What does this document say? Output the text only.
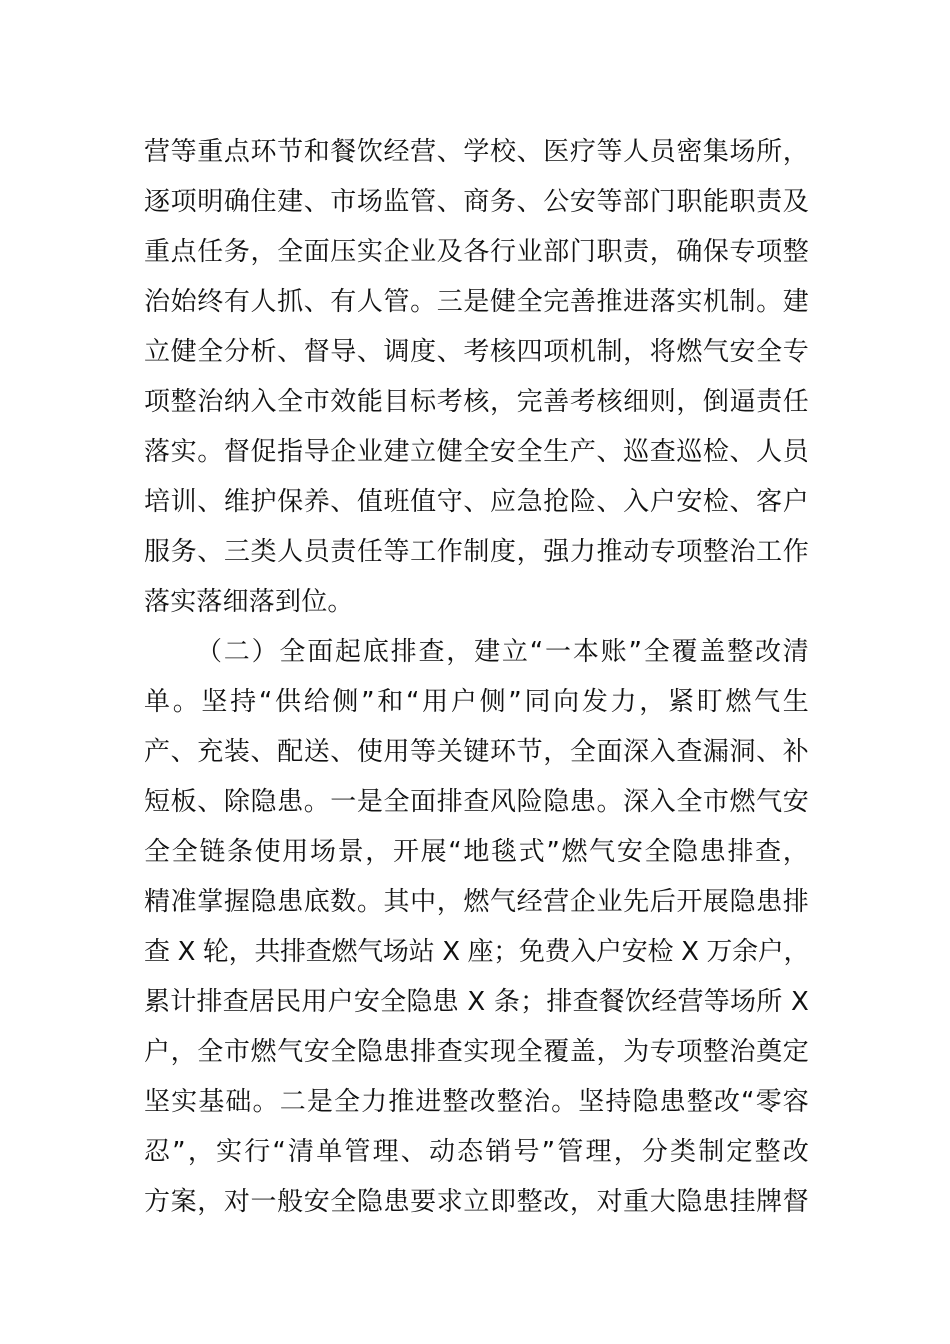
营等重点环节和餐饮经营、学校、医疗等人员密集场所，
逐项明确住建、市场监管、商务、公安等部门职能职责及
重点任务，全面压实企业及各行业部门职责，确保专项整
治始终有人抓、有人管。三是健全完善推进落实机制。建
立健全分析、督导、调度、考核四项机制，将燃气安全专
项整治纳入全市效能目标考核，完善考核细则，倒逼责任
落实。督促指导企业建立健全安全生产、巡查巡检、人员
培训、维护保养、值班值守、应急抢险、入户安检、客户
服务、三类人员责任等工作制度，强力推动专项整治工作
落实落细落到位。
（二）全面起底排查，建立“一本账”全覆盖整改清
单。坚持“供给侧”和“用户侧”同向发力，紧盯燃气生
产、充装、配送、使用等关键环节，全面深入查漏洞、补
短板、除隐患。一是全面排查风险隐患。深入全市燃气安
全全链条使用场景，开展“地毯式”燃气安全隐患排查，
精准掌握隐患底数。其中，燃气经营企业先后开展隐患排
查 X 轮，共排查燃气场站 X 座；免费入户安检 X 万余户，
累计排查居民用户安全隐患 X 条；排查餐饮经营等场所 X
户，全市燃气安全隐患排查实现全覆盖，为专项整治奠定
坚实基础。二是全力推进整改整治。坚持隐患整改“零容
忍”，实行“清单管理、动态销号”管理，分类制定整改
方案，对一般安全隐患要求立即整改，对重大隐患挂牌督
